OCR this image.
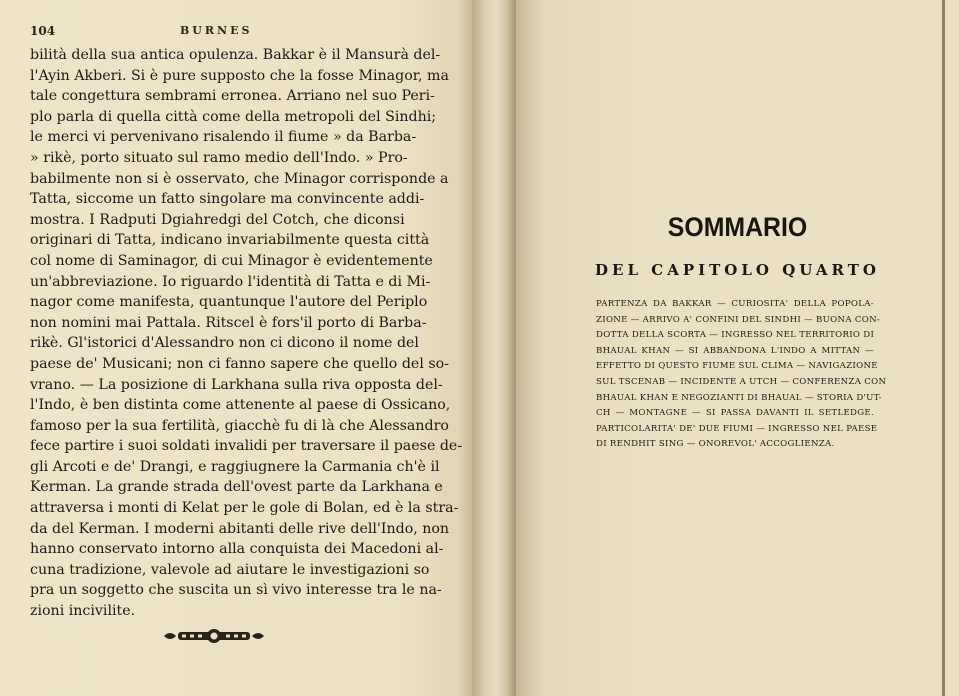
104	BURNES
bilità della sua antica opulenza. Bakkar è il Mansurà del-
l'Ayin Akberi. Si è pure supposto che la fosse Minagor, ma
tale congettura sembrami erronea. Arriano nel suo Peri-
plo parla di quella città come della metropoli del Sindhi;
le merci vi pervenivano risalendo il fiume » da Barba-
» rikè, porto situato sul ramo medio dell'Indo. » Pro-
babilmente non si è osservato, che Minagor corrisponde a
Tatta, siccome un fatto singolare ma convincente addi-
mostra. I Radputi Dgiahredgi del Cotch, che diconsi
originari di Tatta, indicano invariabilmente questa città
col nome di Saminagor, di cui Minagor è evidentemente
un'abbreviazione. Io riguardo l'identità di Tatta e di Mi-
nagor come manifesta, quantunque l'autore del Periplo
non nomini mai Pattala. Ritscel è fors'il porto di Barba-
rikè. Gl'istorici d'Alessandro non ci dicono il nome del
paese de' Musicani; non ci fanno sapere che quello del so-
vrano. — La posizione di Larkhana sulla riva opposta del-
l'Indo, è ben distinta come attenente al paese di Ossicano,
famoso per la sua fertilità, giacchè fu di là che Alessandro
fece partire i suoi soldati invalidi per traversare il paese de-
gli Arcoti e de' Drangi, e raggiugnere la Carmania ch'è il
Kerman. La grande strada dell'ovest parte da Larkhana e
attraversa i monti di Kelat per le gole di Bolan, ed è la stra-
da del Kerman. I moderni abitanti delle rive dell'Indo, non
hanno conservato intorno alla conquista dei Macedoni al-
cuna tradizione, valevole ad aiutare le investigazioni so
pra un soggetto che suscita un sì vivo interesse tra le na-
zioni incivilite.
SOMMARIO
DEL CAPITOLO QUARTO
PARTENZA DA BAKKAR — CURIOSITA' DELLA POPOLA-
ZIONE — ARRIVO A' CONFINI DEL SINDHI — BUONA CON-
DOTTA DELLA SCORTA — INGRESSO NEL TERRITORIO DI
BHAUAL KHAN — SI ABBANDONA L'INDO A MITTAN —
EFFETTO DI QUESTO FIUME SUL CLIMA — NAVIGAZIONE
SUL TSCENAB — INCIDENTE A UTCH — CONFERENZA CON
BHAUAL KHAN E NEGOZIANTI DI BHAUAL — STORIA D'UT-
CH — MONTAGNE — SI PASSA DAVANTI IL SETLEDGE.
PARTICOLARITA' DE' DUE FIUMI — INGRESSO NEL PAESE
DI RENDHIT SING — ONOREVOL' ACCOGLIENZA.
